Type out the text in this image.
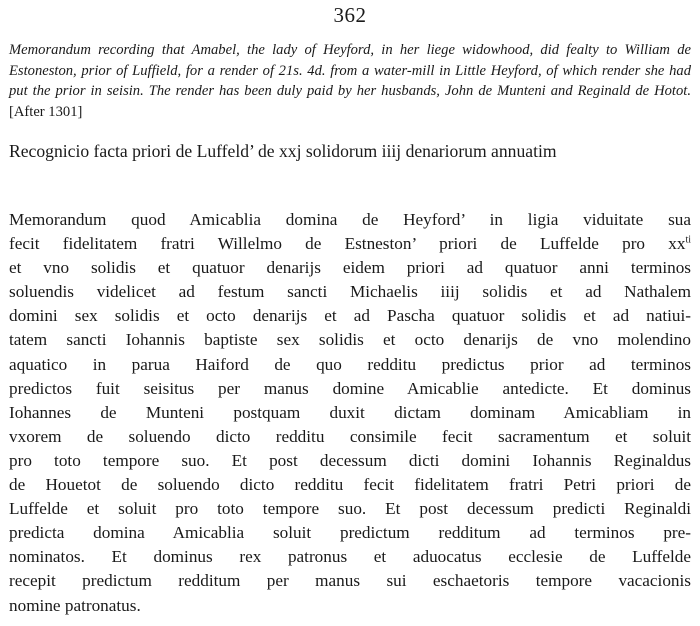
362
Memorandum recording that Amabel, the lady of Heyford, in her liege widowhood, did fealty to William de Estoneston, prior of Luffield, for a render of 21s. 4d. from a water-mill in Little Heyford, of which render she had put the prior in seisin. The render has been duly paid by her husbands, John de Munteni and Reginald de Hotot. [After 1301]
Recognicio facta priori de Luffeld’ de xxj solidorum iiij denariorum annuatim
Memorandum quod Amicablia domina de Heyford’ in ligia viduitate sua
fecit fidelitatem fratri Willelmo de Estneston’ priori de Luffelde pro $xx^{ti}$
et vno solidis et quatuor denarijs eidem priori ad quatuor anni terminos
soluendis videlicet ad festum sancti Michaelis iiij solidis et ad Nathalem
domini sex solidis et octo denarijs et ad Pascha quatuor solidis et ad natiui-
tatem sancti Iohannis baptiste sex solidis et octo denarijs de vno molendino
aquatico in parua Haiford de quo redditu predictus prior ad terminos
predictos fuit seisitus per manus domine Amicablie antedicte. Et dominus
Iohannes de Munteni postquam duxit dictam dominam Amicabliam in
vxorem de soluendo dicto redditu consimile fecit sacramentum et soluit
pro toto tempore suo. Et post decessum dicti domini Iohannis Reginaldus
de Houetot de soluendo dicto redditu fecit fidelitatem fratri Petri priori de
Luffelde et soluit pro toto tempore suo. Et post decessum predicti Reginaldi
predicta domina Amicablia soluit predictum redditum ad terminos pre-
nominatos. Et dominus rex patronus et aduocatus ecclesie de Luffelde
recepit predictum redditum per manus sui eschaetoris tempore vacacionis
nomine patronatus.
